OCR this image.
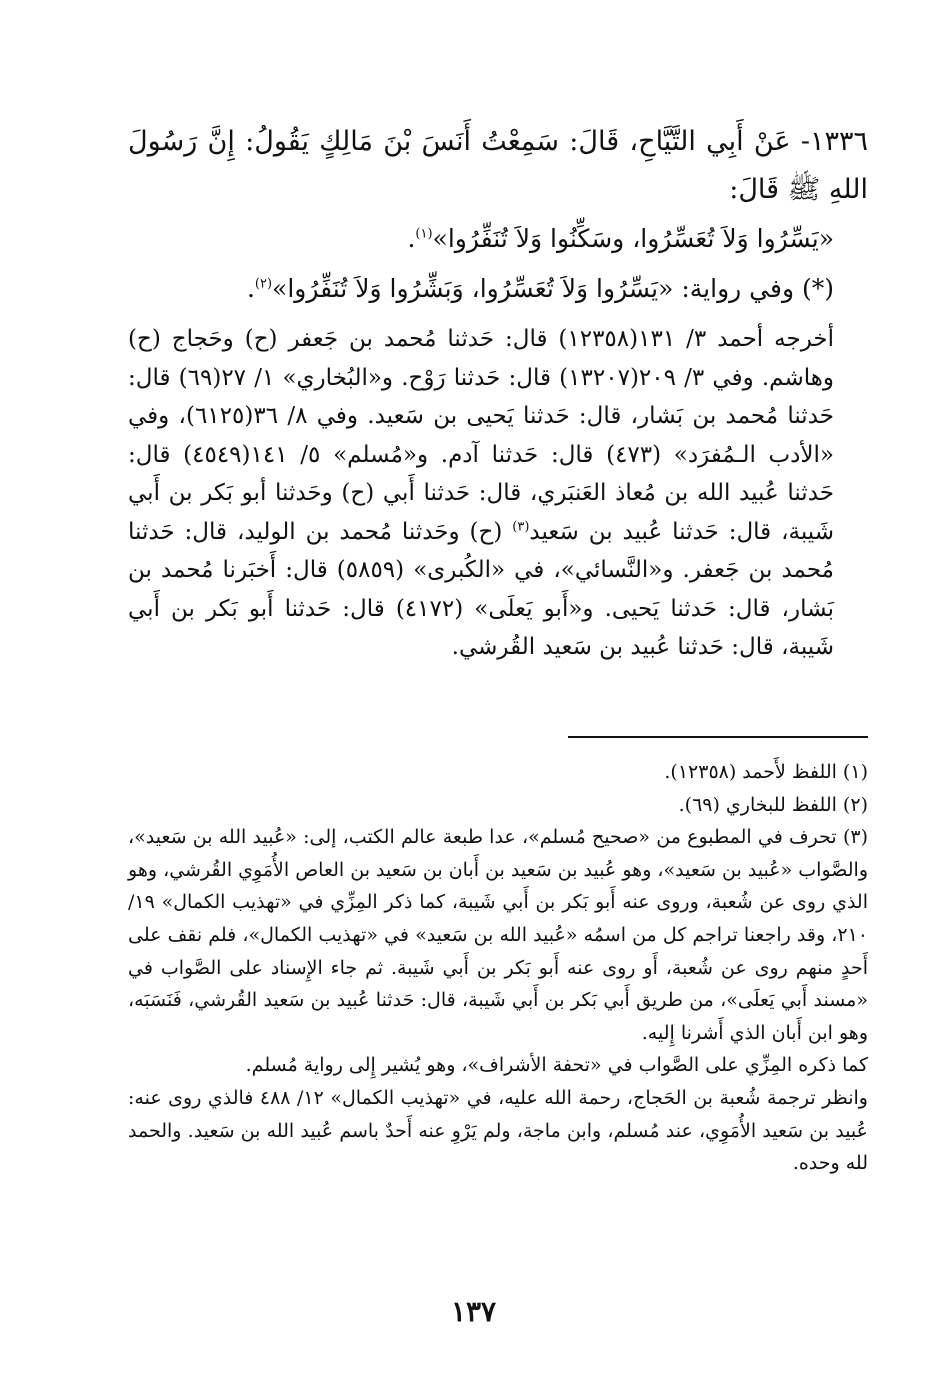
١٣٣٦- عَنْ أَبِي التَّيَّاحِ، قَالَ: سَمِعْتُ أَنَسَ بْنَ مَالِكٍ يَقُولُ: إِنَّ رَسُولَ اللهِ ﷺ قَالَ:

«يَسِّرُوا وَلاَ تُعَسِّرُوا، وسَكِّنُوا وَلاَ تُنَفِّرُوا»$^{(١)}$.

(*) وفي رواية: «يَسِّرُوا وَلاَ تُعَسِّرُوا، وَبَشِّرُوا وَلاَ تُنَفِّرُوا»$^{(٢)}$.

أخرجه أحمد ٣/ ١٣١(١٢٣٥٨) قال: حَدثنا مُحمد بن جَعفر (ح) وحَجاج (ح) وهاشم. وفي ٣/ ٢٠٩(١٣٢٠٧) قال: حَدثنا رَوْح. و«البُخاري» ١/ ٢٧(٦٩) قال: حَدثنا مُحمد بن بَشار، قال: حَدثنا يَحيى بن سَعيد. وفي ٨/ ٣٦(٦١٢٥)، وفي «الأدب الـمُفرَد» (٤٧٣) قال: حَدثنا آدم. و«مُسلم» ٥/ ١٤١(٤٥٤٩) قال: حَدثنا عُبيد الله بن مُعاذ العَنبَري، قال: حَدثنا أَبي (ح) وحَدثنا أبو بَكر بن أَبي شَيبة، قال: حَدثنا عُبيد بن سَعيد$^{(٣)}$ (ح) وحَدثنا مُحمد بن الوليد، قال: حَدثنا مُحمد بن جَعفر. و«النَّسائي»، في «الكُبرى» (٥٨٥٩) قال: أَخبَرنا مُحمد بن بَشار، قال: حَدثنا يَحيى. و«أَبو يَعلَى» (٤١٧٢) قال: حَدثنا أَبو بَكر بن أَبي شَيبة، قال: حَدثنا عُبيد بن سَعيد القُرشي.

(١) اللفظ لأَحمد (١٢٣٥٨).

(٢) اللفظ للبخاري (٦٩).

(٣) تحرف في المطبوع من «صحيح مُسلم»، عدا طبعة عالم الكتب، إلى: «عُبيد الله بن سَعيد»، والصَّواب «عُبيد بن سَعيد»، وهو عُبيد بن سَعيد بن أَبان بن سَعيد بن العاص الأُمَوِي القُرشي، وهو الذي روى عن شُعبة، وروى عنه أَبو بَكر بن أَبي شَيبة، كما ذكر المِزِّي في «تهذيب الكمال» ١٩/ ٢١٠، وقد راجعنا تراجم كل من اسمُه «عُبيد الله بن سَعيد» في «تهذيب الكمال»، فلم نقف على أَحدٍ منهم روى عن شُعبة، أَو روى عنه أَبو بَكر بن أَبي شَيبة. ثم جاء الإِسناد على الصَّواب في «مسند أَبي يَعلَى»، من طريق أَبي بَكر بن أَبي شَيبة، قال: حَدثنا عُبيد بن سَعيد القُرشي، فَنَسَبَه، وهو ابن أَبان الذي أَشرنا إِليه.

كما ذكره المِزِّي على الصَّواب في «تحفة الأشراف»، وهو يُشير إِلى رواية مُسلم.

وانظر ترجمة شُعبة بن الحَجاج، رحمة الله عليه، في «تهذيب الكمال» ١٢/ ٤٨٨ فالذي روى عنه: عُبيد بن سَعيد الأُمَوِي، عند مُسلم، وابن ماجة، ولم يَرْوِ عنه أَحدٌ باسم عُبيد الله بن سَعيد. والحمد لله وحده.

١٣٧
